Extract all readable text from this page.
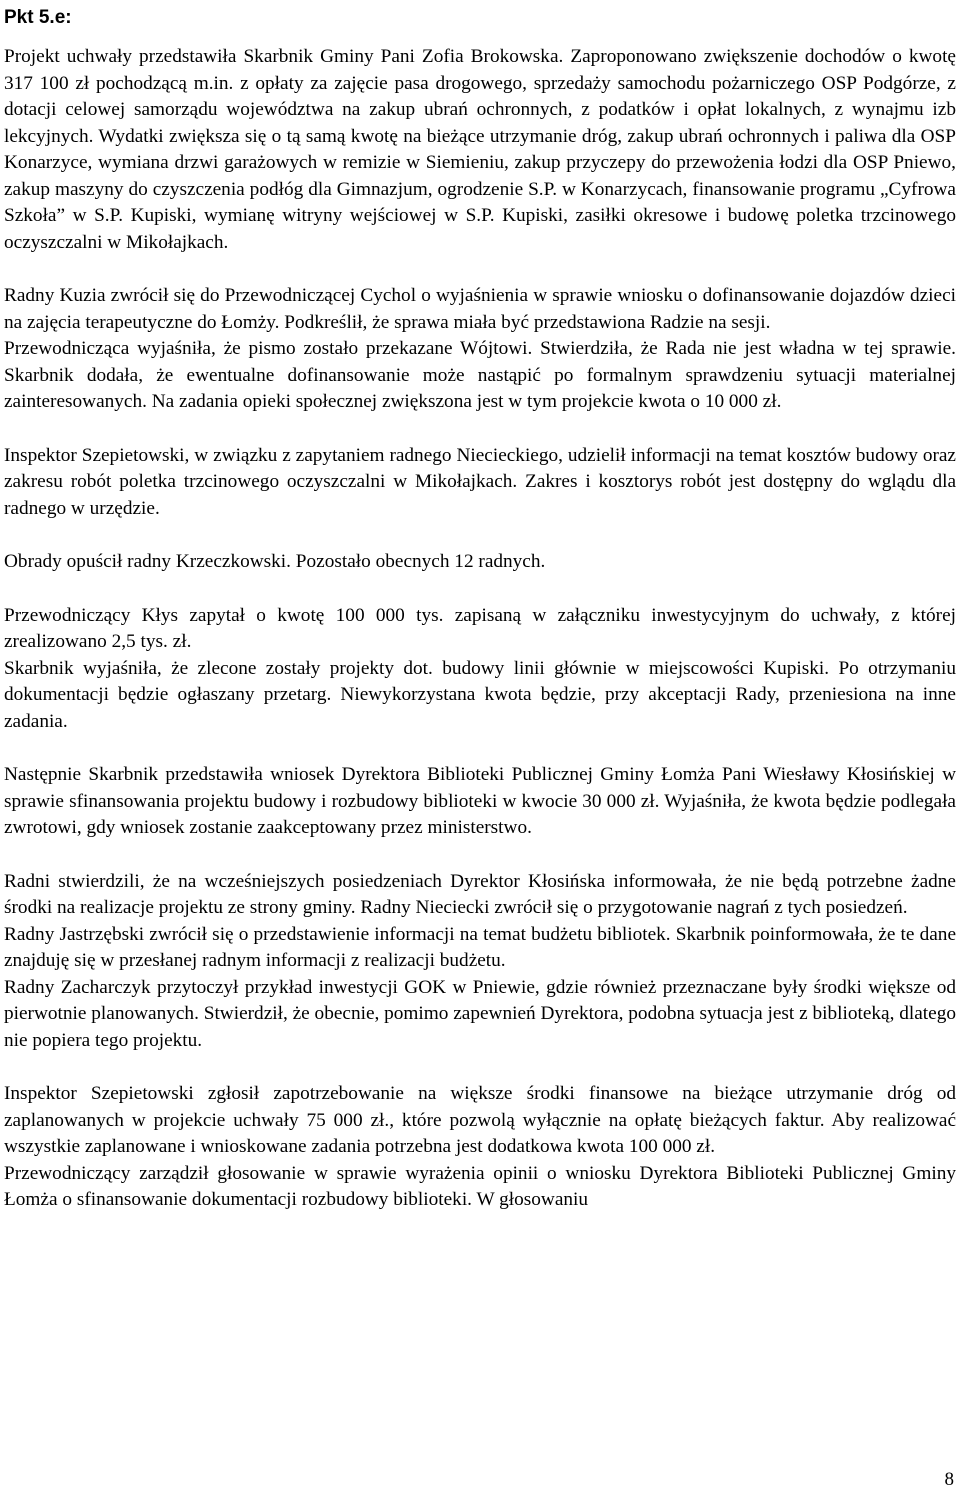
Pkt 5.e:

Projekt uchwały przedstawiła Skarbnik Gminy Pani Zofia Brokowska. Zaproponowano zwiększenie dochodów o kwotę 317 100 zł pochodzącą m.in. z opłaty za zajęcie pasa drogowego, sprzedaży samochodu pożarniczego OSP Podgórze, z dotacji celowej samorządu województwa na zakup ubrań ochronnych, z podatków i opłat lokalnych, z wynajmu izb lekcyjnych. Wydatki zwiększa się o tą samą kwotę na bieżące utrzymanie dróg, zakup ubrań ochronnych i paliwa dla OSP Konarzyce, wymiana drzwi garażowych w remizie w Siemieniu, zakup przyczepy do przewożenia łodzi dla OSP Pniewo, zakup maszyny do czyszczenia podłóg dla Gimnazjum, ogrodzenie S.P. w Konarzycach, finansowanie programu „Cyfrowa Szkoła” w S.P. Kupiski, wymianę witryny wejściowej w S.P. Kupiski, zasiłki okresowe i budowę poletka trzcinowego oczyszczalni w Mikołajkach.

Radny Kuzia zwrócił się do Przewodniczącej Cychol o wyjaśnienia w sprawie wniosku o dofinansowanie dojazdów dzieci na zajęcia terapeutyczne do Łomży. Podkreślił, że sprawa miała być przedstawiona Radzie na sesji.

Przewodnicząca wyjaśniła, że pismo zostało przekazane Wójtowi. Stwierdziła, że Rada nie jest władna w tej sprawie. Skarbnik dodała, że ewentualne dofinansowanie może nastąpić po formalnym sprawdzeniu sytuacji materialnej zainteresowanych. Na zadania opieki społecznej zwiększona jest w tym projekcie kwota o 10 000 zł.

Inspektor Szepietowski, w związku z zapytaniem radnego Niecieckiego, udzielił informacji na temat kosztów budowy oraz zakresu robót poletka trzcinowego oczyszczalni w Mikołajkach. Zakres i kosztorys robót jest dostępny do wglądu dla radnego w urzędzie.

Obrady opuścił radny Krzeczkowski. Pozostało obecnych 12 radnych.

Przewodniczący Kłys zapytał o kwotę 100 000 tys. zapisaną w załączniku inwestycyjnym do uchwały, z której zrealizowano 2,5 tys. zł.

Skarbnik wyjaśniła, że zlecone zostały projekty dot. budowy linii głównie w miejscowości Kupiski. Po otrzymaniu dokumentacji będzie ogłaszany przetarg. Niewykorzystana kwota będzie, przy akceptacji Rady, przeniesiona na inne zadania.

Następnie Skarbnik przedstawiła wniosek Dyrektora Biblioteki Publicznej Gminy Łomża Pani Wiesławy Kłosińskiej w sprawie sfinansowania projektu budowy i rozbudowy biblioteki w kwocie 30 000 zł. Wyjaśniła, że kwota będzie podlegała zwrotowi, gdy wniosek zostanie zaakceptowany przez ministerstwo.

Radni stwierdzili, że na wcześniejszych posiedzeniach Dyrektor Kłosińska informowała, że nie będą potrzebne żadne środki na realizacje projektu ze strony gminy. Radny Nieciecki zwrócił się o przygotowanie nagrań z tych posiedzeń.

Radny Jastrzębski zwrócił się o przedstawienie informacji na temat budżetu bibliotek. Skarbnik poinformowała, że te dane znajduję się w przesłanej radnym informacji z realizacji budżetu.

Radny Zacharczyk przytoczył przykład inwestycji GOK w Pniewie, gdzie również przeznaczane były środki większe od pierwotnie planowanych. Stwierdził, że obecnie, pomimo zapewnień Dyrektora, podobna sytuacja jest z biblioteką, dlatego nie popiera tego projektu.

Inspektor Szepietowski zgłosił zapotrzebowanie na większe środki finansowe na bieżące utrzymanie dróg od zaplanowanych w projekcie uchwały 75 000 zł., które pozwolą wyłącznie na opłatę bieżących faktur. Aby realizować wszystkie zaplanowane i wnioskowane zadania potrzebna jest dodatkowa kwota 100 000 zł.

Przewodniczący zarządził głosowanie w sprawie wyrażenia opinii o wniosku Dyrektora Biblioteki Publicznej Gminy Łomża o sfinansowanie dokumentacji rozbudowy biblioteki. W głosowaniu

8
